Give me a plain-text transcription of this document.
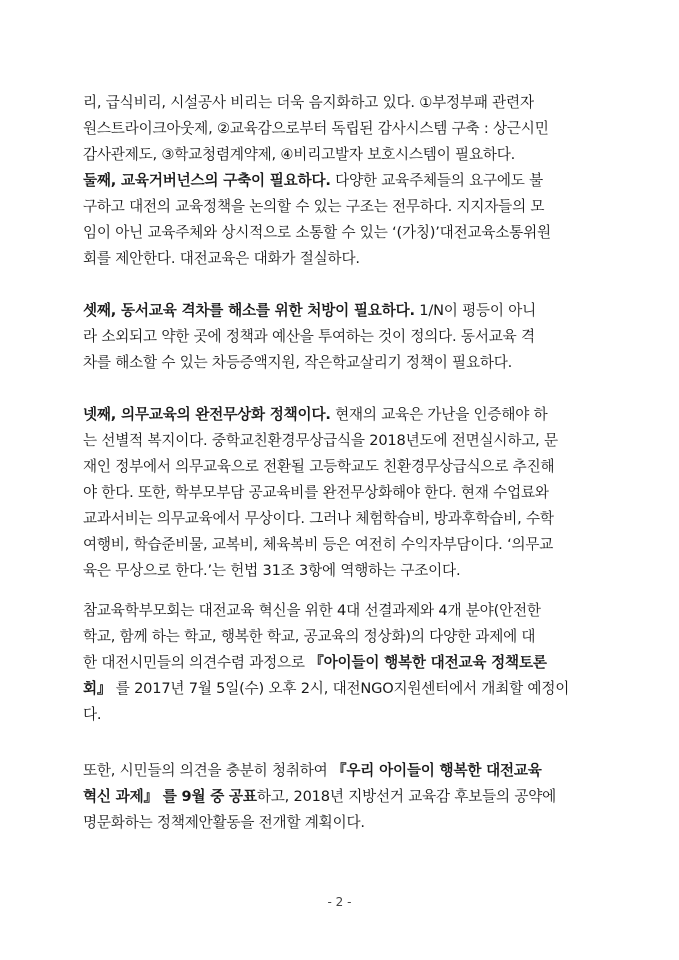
리, 급식비리, 시설공사 비리는 더욱 음지화하고 있다. ①부정부패 관련자
원스트라이크아웃제, ②교육감으로부터 독립된 감사시스템 구축 : 상근시민
감사관제도, ③학교청렴계약제, ④비리고발자 보호시스템이 필요하다.
둘째, 교육거버넌스의 구축이 필요하다. 다양한 교육주체들의 요구에도 불
구하고 대전의 교육정책을 논의할 수 있는 구조는 전무하다. 지지자들의 모
임이 아닌 교육주체와 상시적으로 소통할 수 있는 ‘(가칭)’대전교육소통위원
회를 제안한다. 대전교육은 대화가 절실하다.
셋째, 동서교육 격차를 해소를 위한 처방이 필요하다. 1/N이 평등이 아니
라 소외되고 약한 곳에 정책과 예산을 투여하는 것이 정의다. 동서교육 격
차를 해소할 수 있는 차등증액지원, 작은학교살리기 정책이 필요하다.
넷째, 의무교육의 완전무상화 정책이다. 현재의 교육은 가난을 인증해야 하
는 선별적 복지이다. 중학교친환경무상급식을 2018년도에 전면실시하고, 문
재인 정부에서 의무교육으로 전환될 고등학교도 친환경무상급식으로 추진해
야 한다. 또한, 학부모부담 공교육비를 완전무상화해야 한다. 현재 수업료와
교과서비는 의무교육에서 무상이다. 그러나 체험학습비, 방과후학습비, 수학
여행비, 학습준비물, 교복비, 체육복비 등은 여전히 수익자부담이다. ‘의무교
육은 무상으로 한다.’는 헌법 31조 3항에 역행하는 구조이다.
참교육학부모회는 대전교육 혁신을 위한 4대 선결과제와 4개 분야(안전한
학교, 함께 하는 학교, 행복한 학교, 공교육의 정상화)의 다양한 과제에 대
한 대전시민들의 의견수렴 과정으로 『아이들이 행복한 대전교육 정책토론
회』 를 2017년 7월 5일(수) 오후 2시, 대전NGO지원센터에서 개최할 예정이
다.
또한, 시민들의 의견을 충분히 청취하여 『우리 아이들이 행복한 대전교육
혁신 과제』 를 9월 중 공표하고, 2018년 지방선거 교육감 후보들의 공약에
명문화하는 정책제안활동을 전개할 계획이다.
- 2 -
